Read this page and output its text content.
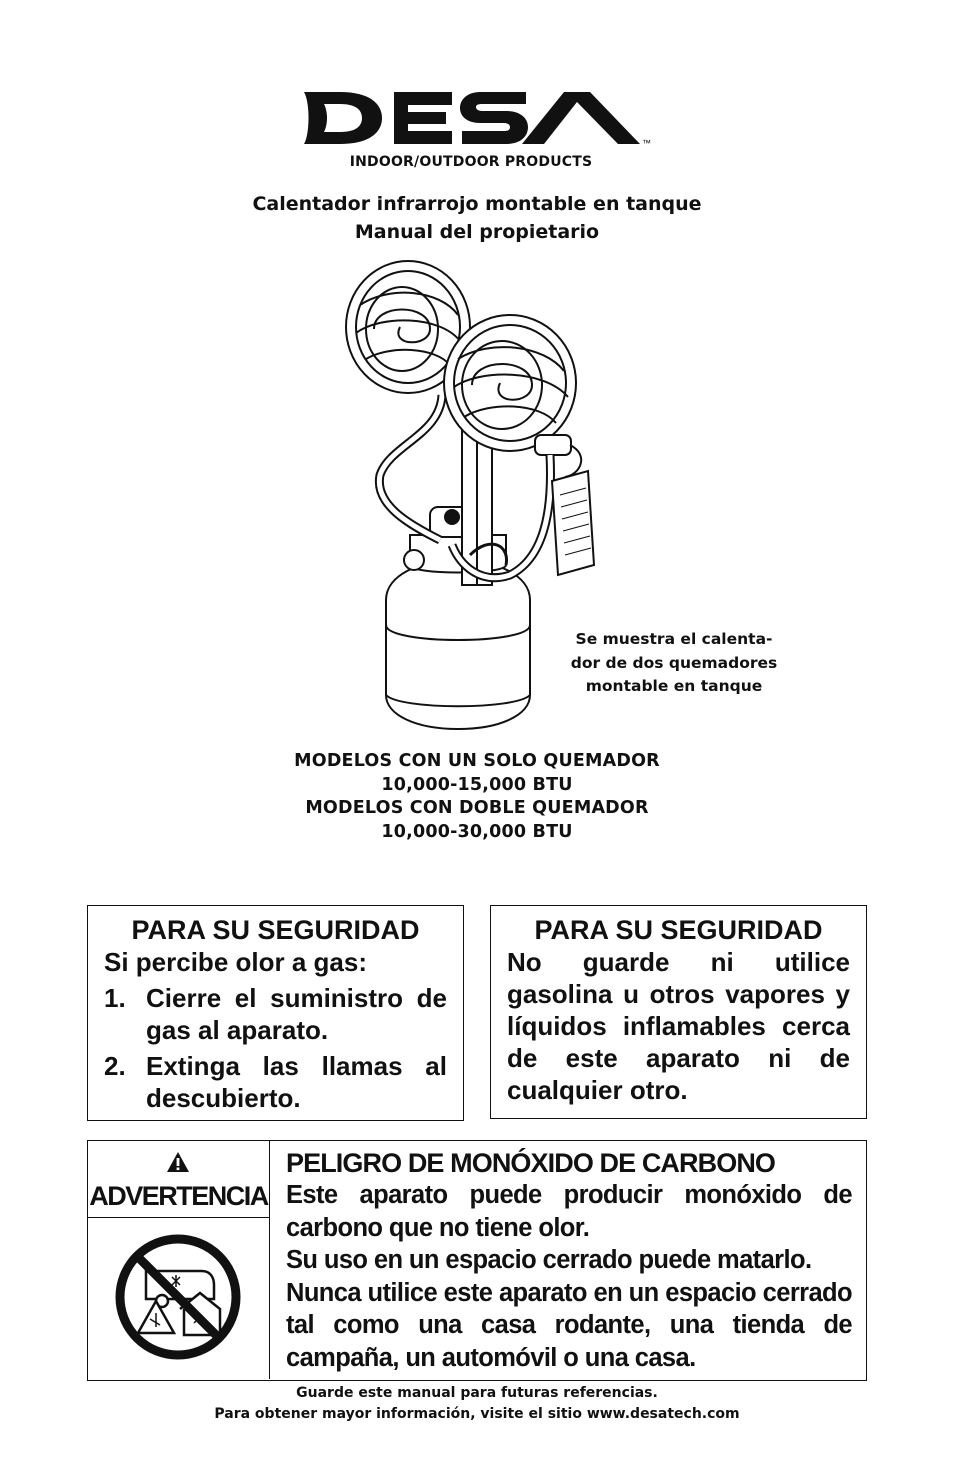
™
INDOOR/OUTDOOR PRODUCTS
Calentador infrarrojo montable en tanque
Manual del propietario
Se muestra el calenta-
dor de dos quemadores
montable en tanque
MODELOS CON UN SOLO QUEMADOR
10,000-15,000 BTU
MODELOS CON DOBLE QUEMADOR
10,000-30,000 BTU
PARA SU SEGURIDAD
Si percibe olor a gas:
1. Cierre el suministro de gas al aparato.
2. Extinga las llamas al descubierto.
PARA SU SEGURIDAD
No guarde ni utilice gasolina u otros vapores y líquidos inflamables cerca de este aparato ni de cualquier otro.
ADVERTENCIA
PELIGRO DE MONÓXIDO DE CARBONO
Este aparato puede producir monóxido de carbono que no tiene olor.
Su uso en un espacio cerrado puede matarlo.
Nunca utilice este aparato en un espacio cerrado tal como una casa rodante, una tienda de campaña, un automóvil o una casa.
Guarde este manual para futuras referencias.
Para obtener mayor información, visite el sitio www.desatech.com
